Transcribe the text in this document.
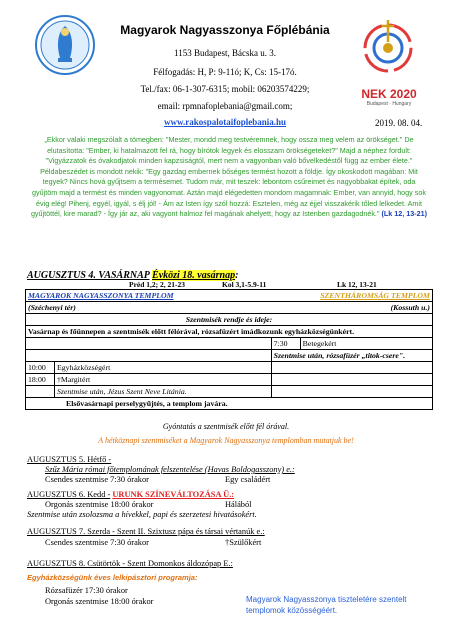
NEK 2020
Budapest · Hungary
Magyarok Nagyasszonya Főplébánia
1153 Budapest, Bácska u. 3.
Félfogadás: H, P: 9-11ó; K, Cs: 15-17ó.
Tel./fax: 06-1-307-6315; mobil: 06203574229;
email: rpmnafoplebania@gmail.com;
www.rakospalotaifoplebania.hu	2019. 08. 04.
„Ekkor valaki megszólalt a tömegben: "Mester, mondd meg testvéremnek, hogy ossza meg velem az örökséget." De elutasította: "Ember, ki hatalmazott fel rá, hogy bírótok legyek és elosszam örökségeteket?" Majd a néphez fordult: "Vigyázzatok és óvakodjatok minden kapzsiságtól, mert nem a vagyonban való bővelkedéstől függ az ember élete." Példabeszédet is mondott nekik: "Egy gazdag embernek bőséges termést hozott a földje. Így okoskodott magában: Mit tegyek? Nincs hová gyűjtsem a termésemet. Tudom már, mit teszek: lebontom csűreimet és nagyobbakat építek, oda gyűjtöm majd a termést és minden vagyonomat. Aztán majd elégedetten mondom magamnak: Ember, van annyid, hogy sok évig elég! Pihenj, egyél, igyál, s élj jól! - Ám az Isten így szól hozzá: Esztelen, még az éjjel visszakérik tőled lelkedet. Amit gyűjtöttél, kire marad? - Így jár az, aki vagyont halmoz fel magának ahelyett, hogy az Istenben gazdagodnék." (Lk 12, 13-21)
AUGUSZTUS 4. VASÁRNAP Évközi 18. vasárnap:
Préd 1,2; 2, 21-23	Kol 3,1-5.9-11	Lk 12, 13-21
MAGYAROK NAGYASSZONYA TEMPLOM		SZENTHÁROMSÁG TEMPLOM	
(Széchenyi tér)		(Kossuth u.)	
Szentmisék rendje és ideje:			
Vasárnap és főünnepen a szentmisék előtt félórával, rózsafüzért imádkozunk egyházközségünkért.			
		7:30	Betegekért
		Szentmise után, rózsafüzér „titok-csere".	
10:00	Egyházközségért		
18:00	†Margitért		
	Szentmise után, Jézus Szent Neve Litánia.		
Elsővasárnapi perselygyűjtés, a templom javára.			
Gyóntatás a szentmisék előtt fél órával.
A hétköznapi szentmiséket a Magyarok Nagyasszonya templomban mutatjuk be!
AUGUSZTUS 5. Hétfő -
Szűz Mária római főtemplomának felszentelése (Havas Boldogasszony) e.:
Csendes szentmise 7:30 órakor	Egy családért
AUGUSZTUS 6. Kedd - URUNK SZÍNEVÁLTOZÁSA Ü.:
Orgonás szentmise 18:00 órakor	Hálából
Szentmise után zsolozsma a hívekkel, papi és szerzetesi hivatásokért.
AUGUSZTUS 7. Szerda - Szent II. Szixtusz pápa és társai vértanúk e.:
Csendes szentmise 7:30 órakor	†Szülőkért
AUGUSZTUS 8. Csütörtök - Szent Domonkos áldozópap E.:
Egyházközségünk éves lelkipásztori programja:
Rózsafüzér 17:30 órakor
Orgonás szentmise 18:00 órakor	Magyarok Nagyasszonya tiszteletére szentelt templomok közösségéért.
